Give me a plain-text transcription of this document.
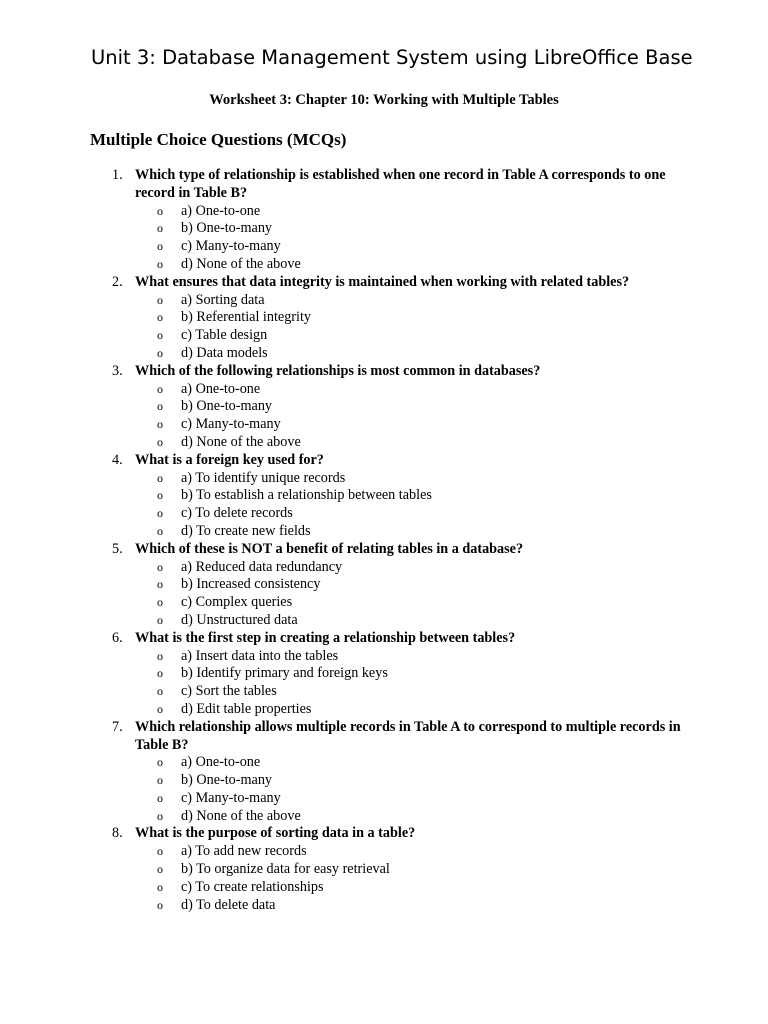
Unit 3: Database Management System using LibreOffice Base
Worksheet 3: Chapter 10: Working with Multiple Tables
Multiple Choice Questions (MCQs)
1. Which type of relationship is established when one record in Table A corresponds to one record in Table B?
o a) One-to-one
o b) One-to-many
o c) Many-to-many
o d) None of the above
2. What ensures that data integrity is maintained when working with related tables?
o a) Sorting data
o b) Referential integrity
o c) Table design
o d) Data models
3. Which of the following relationships is most common in databases?
o a) One-to-one
o b) One-to-many
o c) Many-to-many
o d) None of the above
4. What is a foreign key used for?
o a) To identify unique records
o b) To establish a relationship between tables
o c) To delete records
o d) To create new fields
5. Which of these is NOT a benefit of relating tables in a database?
o a) Reduced data redundancy
o b) Increased consistency
o c) Complex queries
o d) Unstructured data
6. What is the first step in creating a relationship between tables?
o a) Insert data into the tables
o b) Identify primary and foreign keys
o c) Sort the tables
o d) Edit table properties
7. Which relationship allows multiple records in Table A to correspond to multiple records in Table B?
o a) One-to-one
o b) One-to-many
o c) Many-to-many
o d) None of the above
8. What is the purpose of sorting data in a table?
o a) To add new records
o b) To organize data for easy retrieval
o c) To create relationships
o d) To delete data
